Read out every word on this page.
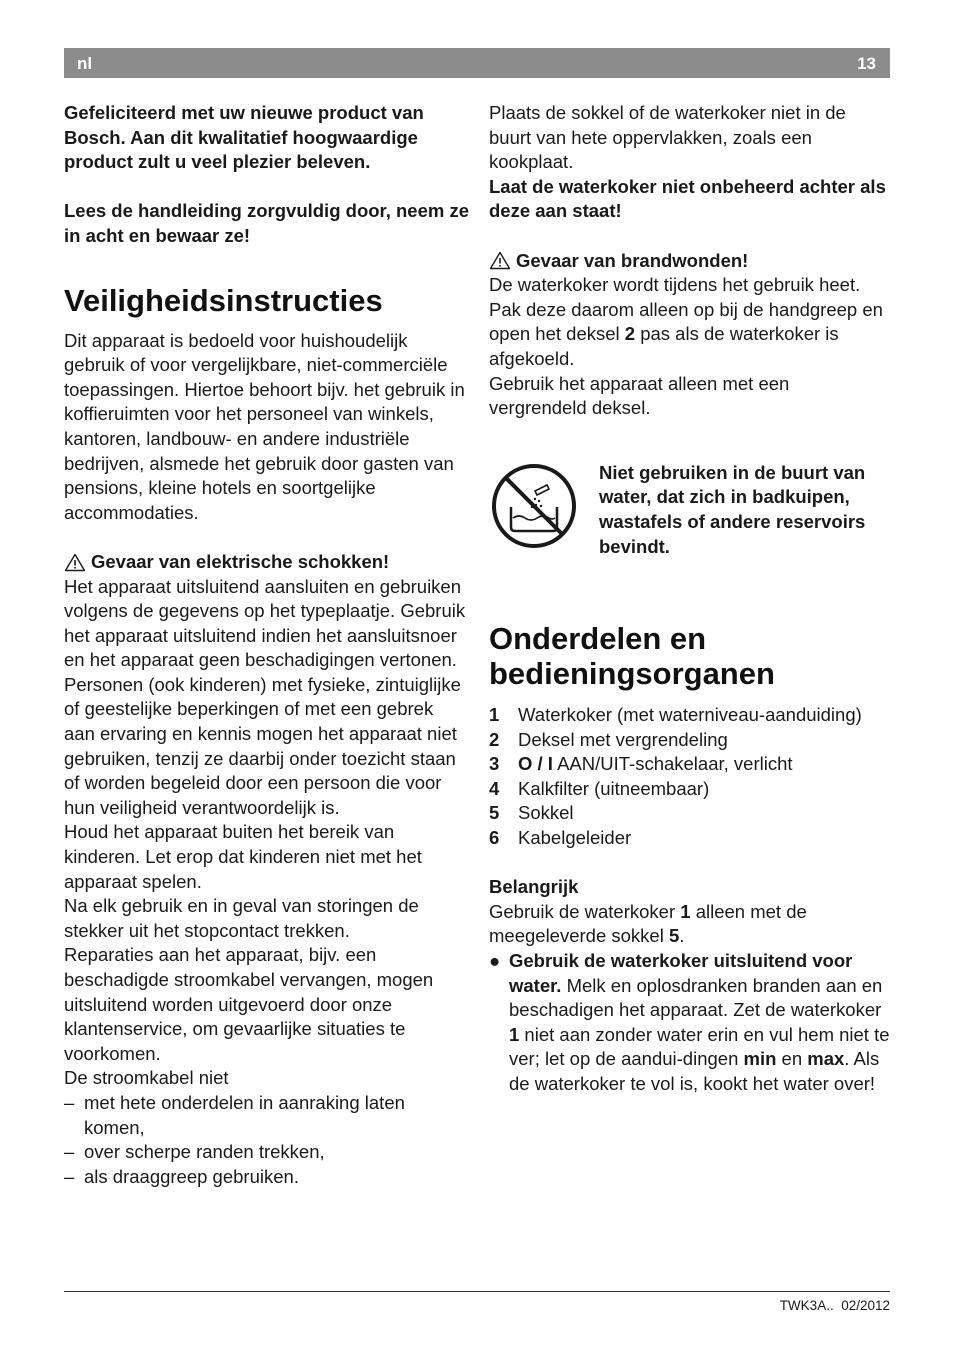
nl	13

Gefeliciteerd met uw nieuwe product van Bosch. Aan dit kwalitatief hoogwaardige product zult u veel plezier beleven.

Lees de handleiding zorgvuldig door, neem ze in acht en bewaar ze!

Veiligheidsinstructies

Dit apparaat is bedoeld voor huishoudelijk gebruik of voor vergelijkbare, niet-commerciële toepassingen. Hiertoe behoort bijv. het gebruik in koffieruimten voor het personeel van winkels, kantoren, landbouw- en andere industriële bedrijven, alsmede het gebruik door gasten van pensions, kleine hotels en soortgelijke accommodaties.

Gevaar van elektrische schokken!

Het apparaat uitsluitend aansluiten en gebruiken volgens de gegevens op het typeplaatje. Gebruik het apparaat uitsluitend indien het aansluitsnoer en het apparaat geen beschadigingen vertonen.

Personen (ook kinderen) met fysieke, zintuiglijke of geestelijke beperkingen of met een gebrek aan ervaring en kennis mogen het apparaat niet gebruiken, tenzij ze daarbij onder toezicht staan of worden begeleid door een persoon die voor hun veiligheid verantwoordelijk is.

Houd het apparaat buiten het bereik van kinderen. Let erop dat kinderen niet met het apparaat spelen.

Na elk gebruik en in geval van storingen de stekker uit het stopcontact trekken.

Reparaties aan het apparaat, bijv. een beschadigde stroomkabel vervangen, mogen uitsluitend worden uitgevoerd door onze klantenservice, om gevaarlijke situaties te voorkomen.

De stroomkabel niet

– met hete onderdelen in aanraking laten komen,
– over scherpe randen trekken,
– als draaggreep gebruiken.

Plaats de sokkel of de waterkoker niet in de buurt van hete oppervlakken, zoals een kookplaat.

Laat de waterkoker niet onbeheerd achter als deze aan staat!

Gevaar van brandwonden!

De waterkoker wordt tijdens het gebruik heet. Pak deze daarom alleen op bij de handgreep en open het deksel 2 pas als de waterkoker is afgekoeld.

Gebruik het apparaat alleen met een vergrendeld deksel.

Niet gebruiken in de buurt van water, dat zich in badkuipen, wastafels of andere reservoirs bevindt.

Onderdelen en bedieningsorganen
1 Waterkoker (met waterniveau-aanduiding)
2 Deksel met vergrendeling
3 O / I AAN/UIT-schakelaar, verlicht
4 Kalkfilter (uitneembaar)
5 Sokkel
6 Kabelgeleider

Belangrijk

Gebruik de waterkoker 1 alleen met de meegeleverde sokkel 5.

● Gebruik de waterkoker uitsluitend voor water. Melk en oplosdranken branden aan en beschadigen het apparaat. Zet de waterkoker 1 niet aan zonder water erin en vul hem niet te ver; let op de aandui-dingen min en max. Als de waterkoker te vol is, kookt het water over!
TWK3A..  02/2012
